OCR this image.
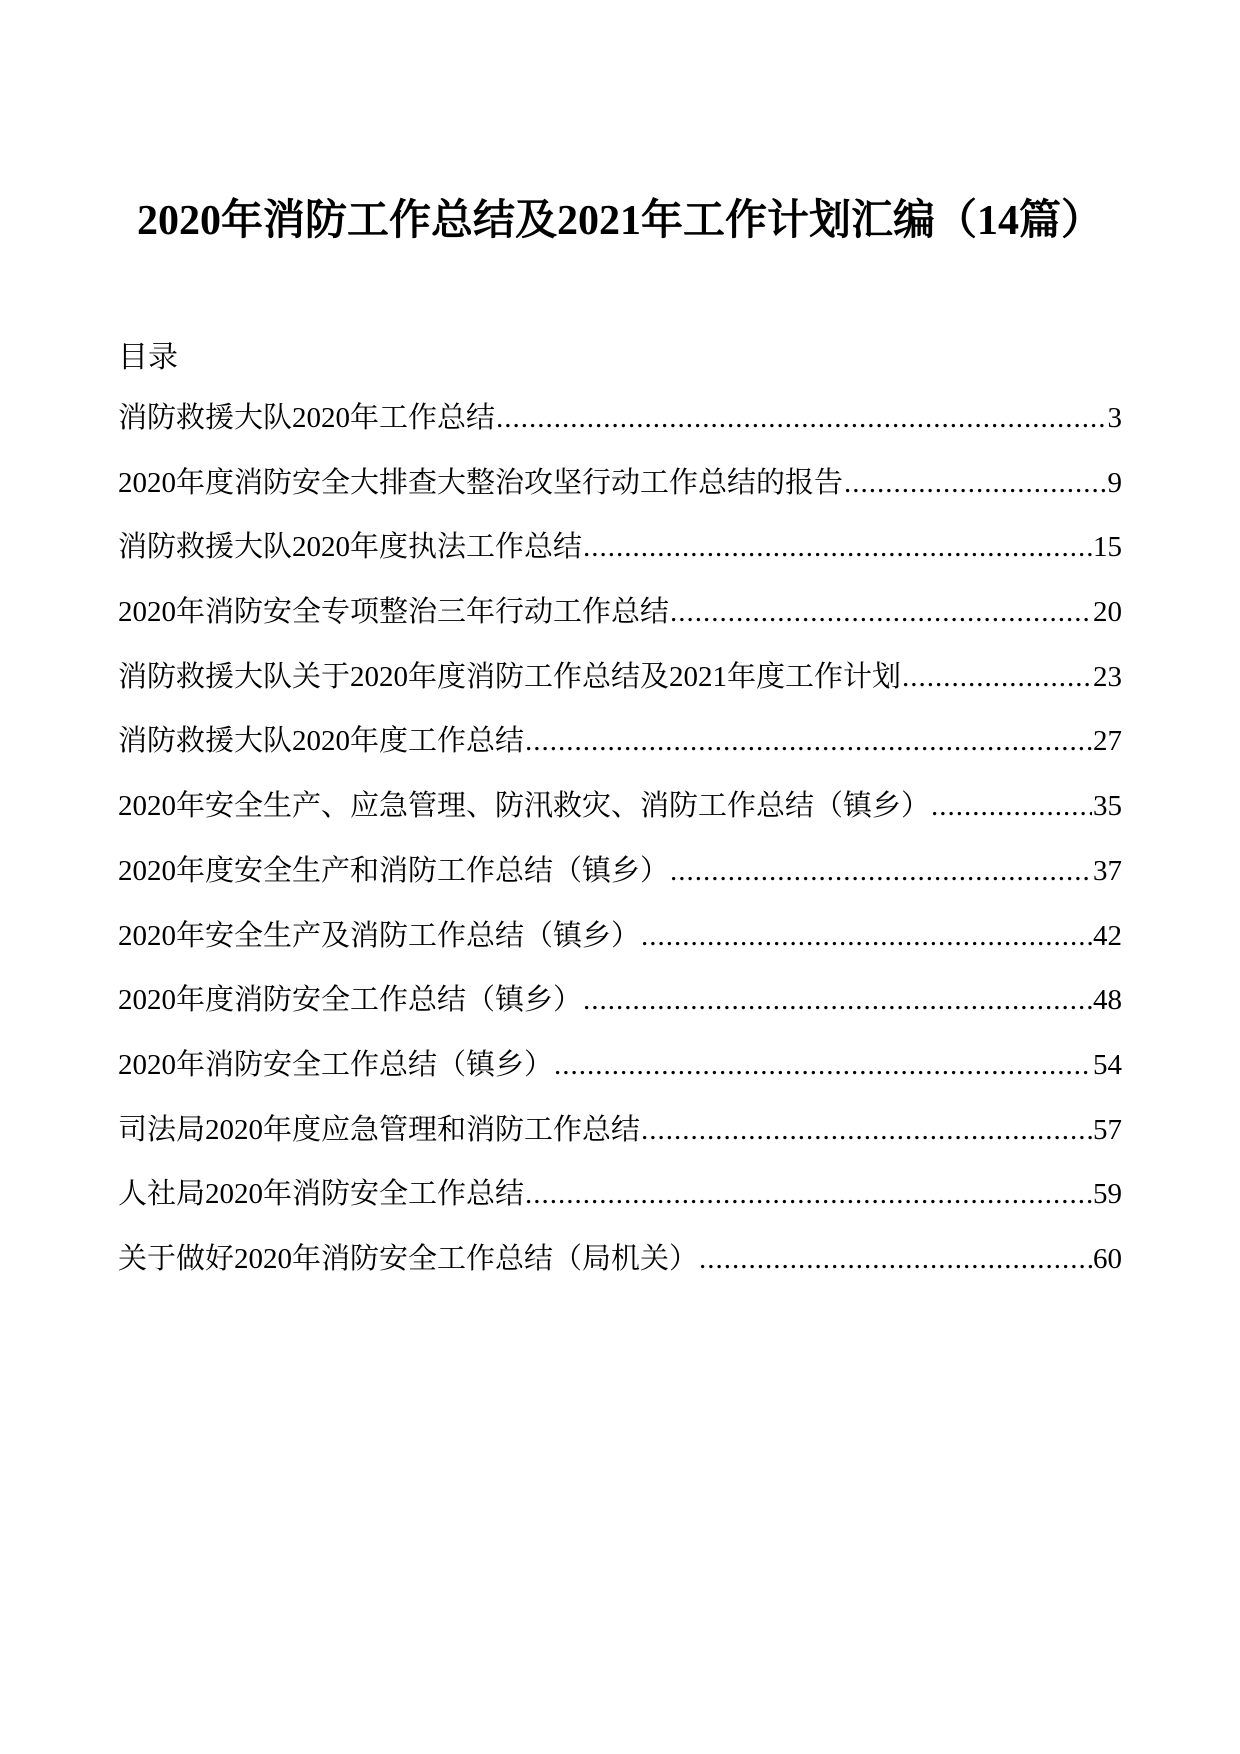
2020年消防工作总结及2021年工作计划汇编（14篇）
目录
消防救援大队2020年工作总结 .....	3
2020年度消防安全大排查大整治攻坚行动工作总结的报告 .....	9
消防救援大队2020年度执法工作总结 .....	15
2020年消防安全专项整治三年行动工作总结 .....	20
消防救援大队关于2020年度消防工作总结及2021年度工作计划 .....	23
消防救援大队2020年度工作总结 .....	27
2020年安全生产、应急管理、防汛救灾、消防工作总结（镇乡） .....	35
2020年度安全生产和消防工作总结（镇乡） .....	37
2020年安全生产及消防工作总结（镇乡） .....	42
2020年度消防安全工作总结（镇乡） .....	48
2020年消防安全工作总结（镇乡） .....	54
司法局2020年度应急管理和消防工作总结 .....	57
人社局2020年消防安全工作总结 .....	59
关于做好2020年消防安全工作总结（局机关） .....	60
